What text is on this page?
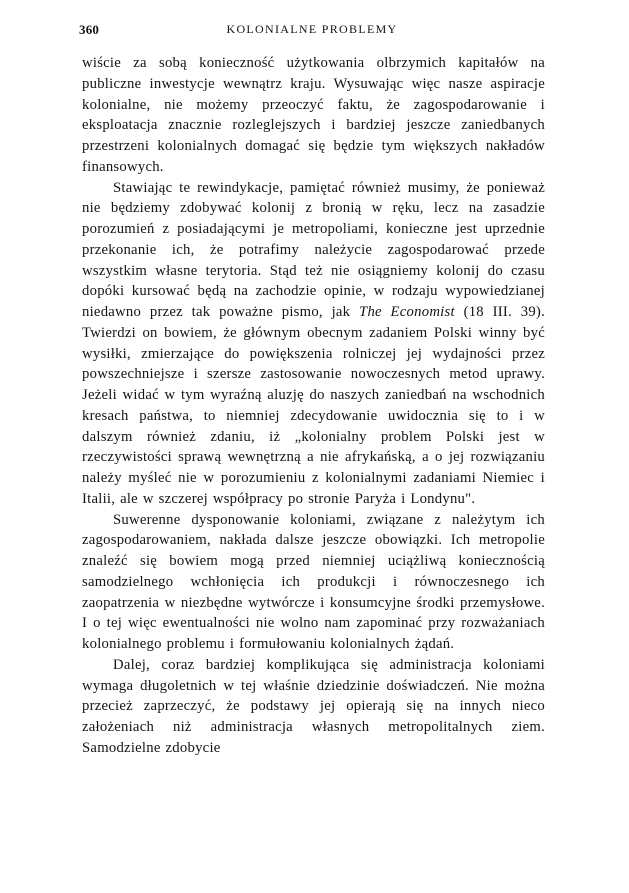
360	KOLONIALNE PROBLEMY

wiście za sobą konieczność użytkowania olbrzymich kapitałów na publiczne inwestycje wewnątrz kraju. Wysuwając więc nasze aspiracje kolonialne, nie możemy przeoczyć faktu, że zagospodarowanie i eksploatacja znacznie rozleglejszych i bardziej jeszcze zaniedbanych przestrzeni kolonialnych domagać się będzie tym większych nakładów finansowych.

Stawiając te rewindykacje, pamiętać również musimy, że ponieważ nie będziemy zdobywać kolonij z bronią w ręku, lecz na zasadzie porozumień z posiadającymi je metropoliami, konieczne jest uprzednie przekonanie ich, że potrafimy należycie zagospodarować przede wszystkim własne terytoria. Stąd też nie osiągniemy kolonij do czasu dopóki kursować będą na zachodzie opinie, w rodzaju wypowiedzianej niedawno przez tak poważne pismo, jak The Economist (18 III. 39). Twierdzi on bowiem, że głównym obecnym zadaniem Polski winny być wysiłki, zmierzające do powiększenia rolniczej jej wydajności przez powszechniejsze i szersze zastosowanie nowoczesnych metod uprawy. Jeżeli widać w tym wyraźną aluzję do naszych zaniedbań na wschodnich kresach państwa, to niemniej zdecydowanie uwidocznia się to i w dalszym również zdaniu, iż „kolonialny problem Polski jest w rzeczywistości sprawą wewnętrzną a nie afrykańską, a o jej rozwiązaniu należy myśleć nie w porozumieniu z kolonialnymi zadaniami Niemiec i Italii, ale w szczerej współpracy po stronie Paryża i Londynu".

Suwerenne dysponowanie koloniami, związane z należytym ich zagospodarowaniem, nakłada dalsze jeszcze obowiązki. Ich metropolie znaleźć się bowiem mogą przed niemniej uciążliwą koniecznością samodzielnego wchłonięcia ich produkcji i równoczesnego ich zaopatrzenia w niezbędne wytwórcze i konsumcyjne środki przemysłowe. I o tej więc ewentualności nie wolno nam zapominać przy rozważaniach kolonialnego problemu i formułowaniu kolonialnych żądań.

Dalej, coraz bardziej komplikująca się administracja koloniami wymaga długoletnich w tej właśnie dziedzinie doświadczeń. Nie można przecież zaprzeczyć, że podstawy jej opierają się na innych nieco założeniach niż administracja własnych metropolitalnych ziem. Samodzielne zdobycie
